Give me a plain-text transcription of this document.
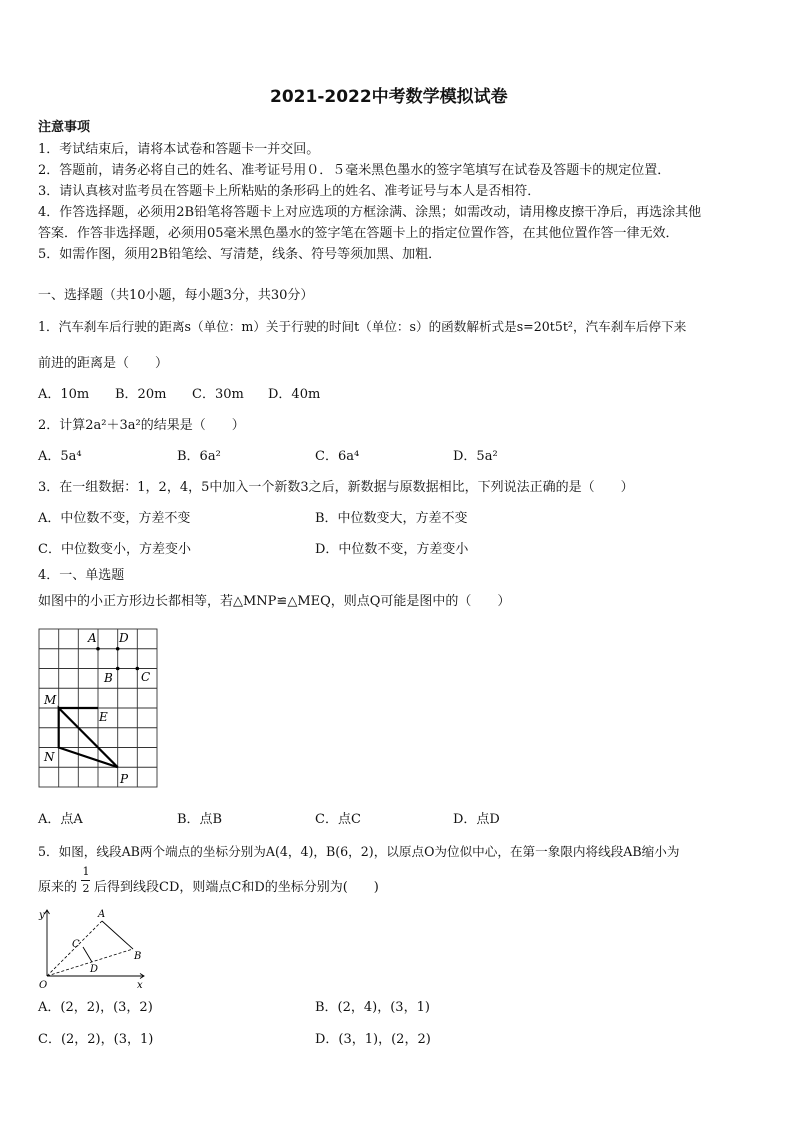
2021-2022中考数学模拟试卷
注意事项
1．考试结束后，请将本试卷和答题卡一并交回。
2．答题前，请务必将自己的姓名、准考证号用０．５毫米黑色墨水的签字笔填写在试卷及答题卡的规定位置．
3．请认真核对监考员在答题卡上所粘贴的条形码上的姓名、准考证号与本人是否相符．
4．作答选择题，必须用2B铅笔将答题卡上对应选项的方框涂满、涂黑；如需改动，请用橡皮擦干净后，再选涂其他
答案．作答非选择题，必须用05毫米黑色墨水的签字笔在答题卡上的指定位置作答，在其他位置作答一律无效．
5．如需作图，须用2B铅笔绘、写清楚，线条、符号等须加黑、加粗．
一、选择题（共10小题，每小题3分，共30分）
1．汽车刹车后行驶的距离s（单位：m）关于行驶的时间t（单位：s）的函数解析式是s=20t5t²，汽车刹车后停下来
前进的距离是（　　）
A．10m B．20m C．30m D．40m
2．计算2a²＋3a²的结果是（　　）
A．5a⁴	B．6a²	C．6a⁴	D．5a²
3．在一组数据：1，2，4，5中加入一个新数3之后，新数据与原数据相比，下列说法正确的是（　　）
A．中位数不变，方差不变	B．中位数变大，方差不变
C．中位数变小，方差变小	D．中位数不变，方差变小
4．一、单选题
如图中的小正方形边长都相等，若△MNP≌△MEQ，则点Q可能是图中的（　　）
A D
B C
M
E
N
P
A．点A	B．点B	C．点C	D．点D
5．如图，线段AB两个端点的坐标分别为A(4，4)，B(6，2)，以原点O为位似中心，在第一象限内将线段AB缩小为
原来的
1
2 后得到线段CD，则端点C和D的坐标分别为(　　)
y	A
C
B
D
O	x
A．(2，2)，(3，2)	B．(2，4)，(3，1)
C．(2，2)，(3，1)	D．(3，1)，(2，2)
